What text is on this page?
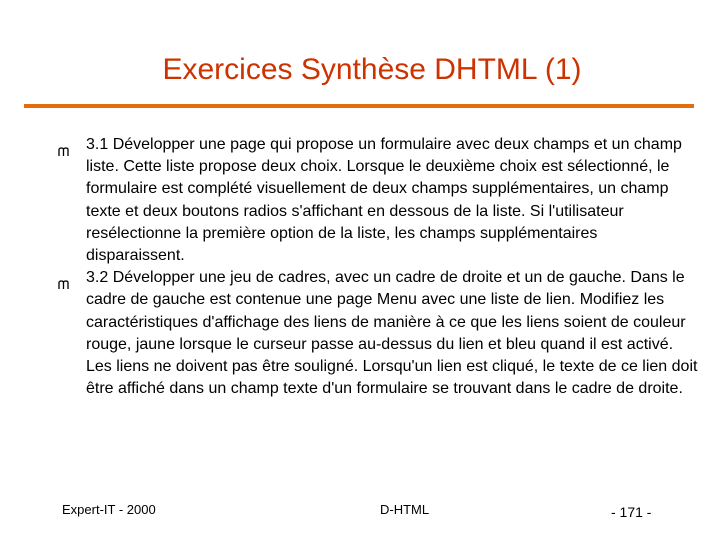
Exercices Synthèse DHTML (1)
3.1 Développer une page qui propose un formulaire avec deux champs et un champ liste. Cette liste propose deux choix. Lorsque le deuxième choix est sélectionné, le formulaire est complété visuellement de deux champs supplémentaires, un champ texte et deux boutons radios s'affichant en dessous de la liste. Si l'utilisateur resélectionne la première option de la liste, les champs supplémentaires disparaissent.
3.2 Développer une jeu de cadres, avec un cadre de droite et un de gauche. Dans le cadre de gauche est contenue une page Menu avec une liste de lien. Modifiez les caractéristiques d'affichage des liens de manière à ce que les liens soient de couleur rouge, jaune lorsque le curseur passe au-dessus du lien et bleu quand il est activé. Les liens ne doivent pas être souligné. Lorsqu'un lien est cliqué, le texte de ce lien doit être affiché dans un champ texte d'un formulaire se trouvant dans le cadre de droite.
Expert-IT - 2000	D-HTML	- 171 -
